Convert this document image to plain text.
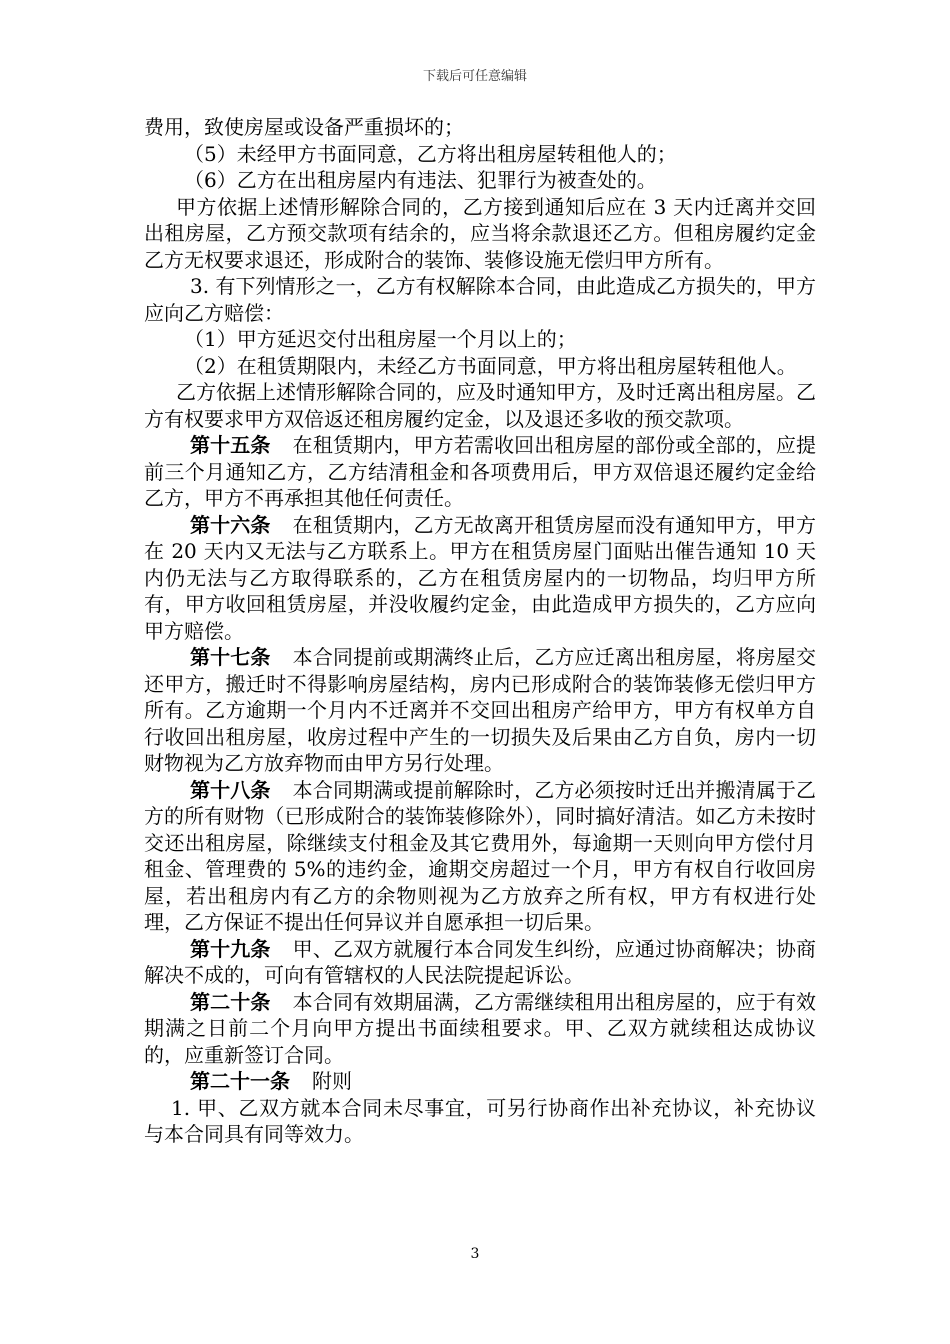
下载后可任意编辑

费用，致使房屋或设备严重损坏的；

（5）未经甲方书面同意，乙方将出租房屋转租他人的；

（6）乙方在出租房屋内有违法、犯罪行为被查处的。

甲方依据上述情形解除合同的，乙方接到通知后应在 3 天内迁离并交回出租房屋，乙方预交款项有结余的，应当将余款退还乙方。但租房履约定金乙方无权要求退还，形成附合的装饰、装修设施无偿归甲方所有。

3. 有下列情形之一，乙方有权解除本合同，由此造成乙方损失的，甲方应向乙方赔偿：

（1）甲方延迟交付出租房屋一个月以上的；

（2）在租赁期限内，未经乙方书面同意，甲方将出租房屋转租他人。

乙方依据上述情形解除合同的，应及时通知甲方，及时迁离出租房屋。乙方有权要求甲方双倍返还租房履约定金，以及退还多收的预交款项。

第十五条 在租赁期内，甲方若需收回出租房屋的部份或全部的，应提前三个月通知乙方，乙方结清租金和各项费用后，甲方双倍退还履约定金给乙方，甲方不再承担其他任何责任。

第十六条 在租赁期内，乙方无故离开租赁房屋而没有通知甲方，甲方在 20 天内又无法与乙方联系上。甲方在租赁房屋门面贴出催告通知 10 天内仍无法与乙方取得联系的，乙方在租赁房屋内的一切物品，均归甲方所有，甲方收回租赁房屋，并没收履约定金，由此造成甲方损失的，乙方应向甲方赔偿。

第十七条 本合同提前或期满终止后，乙方应迁离出租房屋，将房屋交还甲方，搬迁时不得影响房屋结构，房内已形成附合的装饰装修无偿归甲方所有。乙方逾期一个月内不迁离并不交回出租房产给甲方，甲方有权单方自行收回出租房屋，收房过程中产生的一切损失及后果由乙方自负，房内一切财物视为乙方放弃物而由甲方另行处理。

第十八条 本合同期满或提前解除时，乙方必须按时迁出并搬清属于乙方的所有财物（已形成附合的装饰装修除外），同时搞好清洁。如乙方未按时交还出租房屋，除继续支付租金及其它费用外，每逾期一天则向甲方偿付月租金、管理费的 5%的违约金，逾期交房超过一个月，甲方有权自行收回房屋，若出租房内有乙方的余物则视为乙方放弃之所有权，甲方有权进行处理，乙方保证不提出任何异议并自愿承担一切后果。

第十九条 甲、乙双方就履行本合同发生纠纷，应通过协商解决；协商解决不成的，可向有管辖权的人民法院提起诉讼。

第二十条 本合同有效期届满，乙方需继续租用出租房屋的，应于有效期满之日前二个月向甲方提出书面续租要求。甲、乙双方就续租达成协议的，应重新签订合同。

第二十一条 附则

1. 甲、乙双方就本合同未尽事宜，可另行协商作出补充协议，补充协议与本合同具有同等效力。

3
